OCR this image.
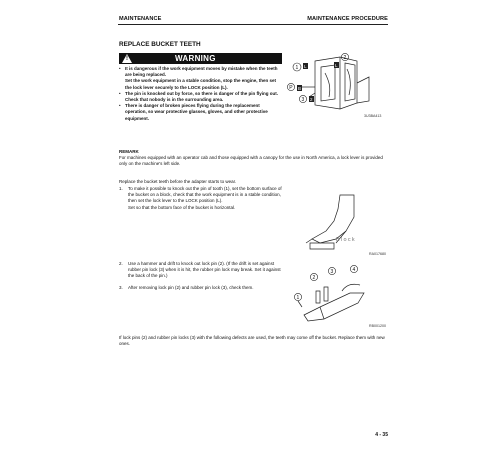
MAINTENANCE	MAINTENANCE PROCEDURE
REPLACE BUCKET TEETH
!	WARNING
• It is dangerous if the work equipment moves by mistake when the teeth are being replaced.
Set the work equipment in a stable condition, stop the engine, then set the lock lever securely to the LOCK position (L).
• The pin is knocked out by force, so there is danger of the pin flying out. Check that nobody is in the surrounding area.
• There is danger of broken pieces flying during the replacement operation, so wear protective glasses, gloves, and other protective equipment.
1 L
2
L
P B
3 2
3U3BA413
REMARK
For machines equipped with an operator cab and those equipped with a canopy for the use in North America, a lock lever is provided only on the machine's left side.
Replace the bucket teeth before the adapter starts to wear.
1. To make it possible to knock out the pin of tooth (1), set the bottom surface of the bucket on a block, check that the work equipment is in a stable condition, then set the lock lever to the LOCK position (L).
Set so that the bottom face of the bucket is horizontal.
Block
RA017680
2. Use a hammer and drift to knock out lock pin (2). (If the drift is set against rubber pin lock (3) when it is hit, the rubber pin lock may break. Set it against the back of the pin.)
3. After removing lock pin (2) and rubber pin lock (3), check them.
3	4
2
1
RB001200
If lock pins (2) and rubber pin locks (3) with the following defects are used, the teeth may come off the bucket. Replace them with new ones.
4 - 35
